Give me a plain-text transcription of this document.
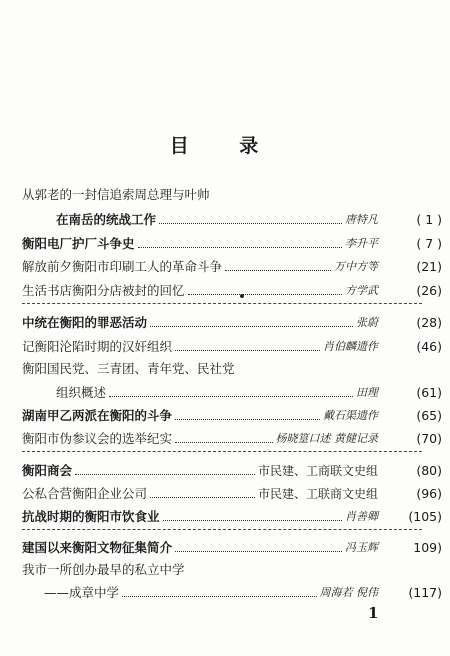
目 录
从郭老的一封信追索周总理与叶帅
在南岳的统战工作	唐特凡	( 1 )
衡阳电厂护厂斗争史	李升平	( 7 )
解放前夕衡阳市印刷工人的革命斗争	万中方等	(21)
生活书店衡阳分店被封的回忆	方学武	(26)
中统在衡阳的罪恶活动	张蔚	(28)
记衡阳沦陷时期的汉奸组织	肖伯麟遗作	(46)
衡阳国民党、三青团、青年党、民社党
组织概述	田理	(61)
湖南甲乙两派在衡阳的斗争	戴石渠遗作	(65)
衡阳市伪参议会的选举纪实	杨晓篁口述 黄健记录	(70)
衡阳商会	市民建、工商联文史组	(80)
公私合营衡阳企业公司	市民建、工联商文史组	(96)
抗战时期的衡阳市饮食业	肖善卿	(105)
建国以来衡阳文物征集简介	冯玉辉	109)
我市一所创办最早的私立中学
——成章中学	周海若 倪伟	(117)
1
